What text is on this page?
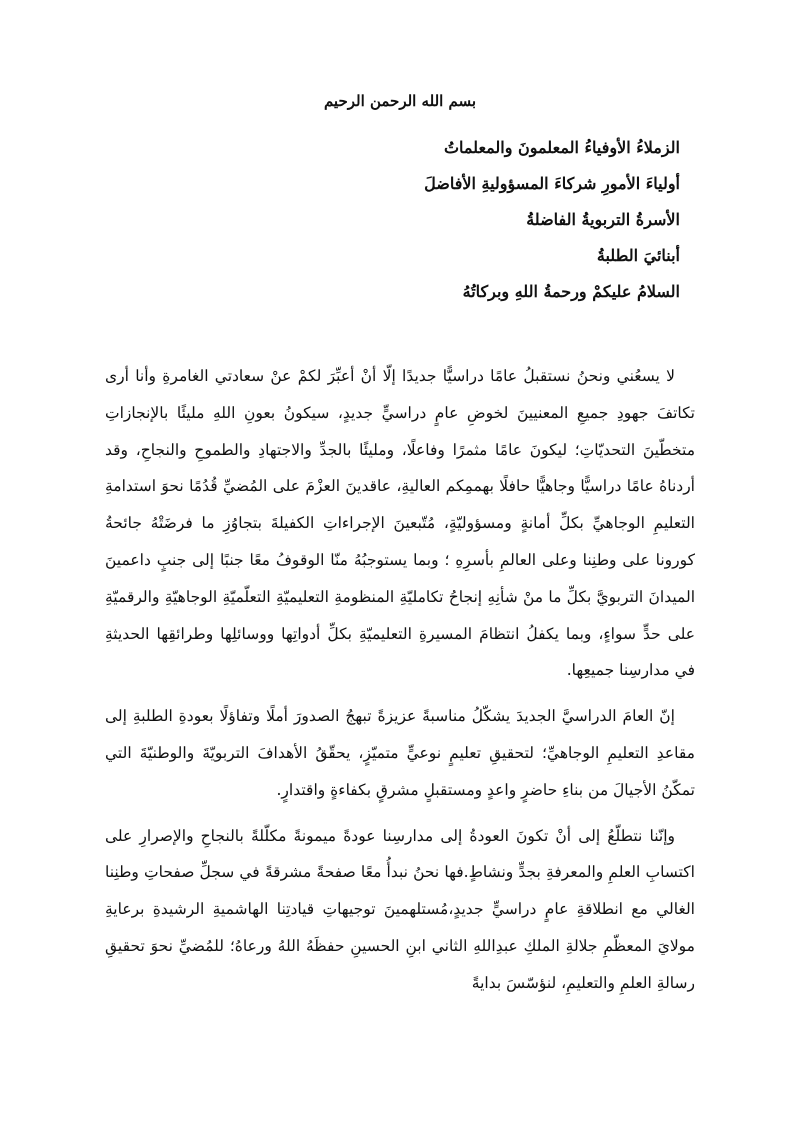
بسم الله الرحمن الرحيم
الزملاءُ الأوفياءُ المعلمونَ والمعلماتُ
أولياءَ الأمورِ شركاءَ المسؤوليةِ الأفاضلَ
الأسرةُ التربويةُ الفاضلةُ
أبنائيَ الطلبةُ
السلامُ عليكمْ ورحمةُ اللهِ وبركاتُهُ

لا يسعُني ونحنُ نستقبلُ عامًا دراسيًّا جديدًا إلّا أنْ أعبِّرَ لكمْ عنْ سعادتي الغامرةِ وأنا أرى تكاتفَ جهودِ جميعِ المعنيينَ لخوضِ عامٍ دراسيٍّ جديدٍ، سيكونُ بعونِ اللهِ مليئًا بالإنجازاتِ متخطّينَ التحديّاتِ؛ ليكونَ عامًا مثمرًا وفاعلًا، ومليئًا بالجدِّ والاجتهادِ والطموحِ والنجاحِ، وقد أردناهُ عامًا دراسيًّا وجاهيًّا حافلًا بهممِكم العاليةِ، عاقدينَ العزْمَ على المُضيِّ قُدُمًا نحوَ استدامةِ التعليمِ الوجاهيِّ بكلِّ أمانةٍ ومسؤوليّةٍ، مُتّبعينَ الإجراءاتِ الكفيلةَ بتجاوُزِ ما فرضَتْهُ جائحةُ كورونا على وطنِنا وعلى العالمِ بأسرِهِ ؛ وبما يستوجبُهُ منّا الوقوفُ معًا جنبًا إلى جنبٍ داعمينَ الميدانَ التربويَّ بكلِّ ما منْ شأنِهِ إنجاحُ تكامليّةِ المنظومةِ التعليميّةِ التعلّميّةِ الوجاهيّةِ والرقميّةِ على حدٍّ سواءٍ، وبما يكفلُ انتظامَ المسيرةِ التعليميّةِ بكلِّ أدواتِها ووسائلِها وطرائقِها الحديثةِ في مدارسِنا جميعِها.

إنّ العامَ الدراسيَّ الجديدَ يشكّلُ مناسبةً عزيزةً تبهجُ الصدورَ أملًا وتفاؤلًا بعودةِ الطلبةِ إلى مقاعدِ التعليمِ الوجاهيِّ؛ لتحقيقِ تعليمٍ نوعيٍّ متميّزٍ، يحقّقُ الأهدافَ التربويّةَ والوطنيّةَ التي تمكّنُ الأجيالَ من بناءِ حاضرٍ واعدٍ ومستقبلٍ مشرقٍ بكفاءةٍ واقتدارٍ.

وإنّنا نتطلّعُ إلى أنْ تكونَ العودةُ إلى مدارسِنا عودةً ميمونةً مكلّلةً بالنجاحِ والإصرارِ على اكتسابِ العلمِ والمعرفةِ بجدٍّ ونشاطٍ.فها نحنُ نبدأُ معًا صفحةً مشرقةً في سجلِّ صفحاتِ وطنِنا الغالي مع انطلاقةِ عامٍ دراسيٍّ جديدٍ،مُستلهمينَ توجيهاتِ قيادتِنا الهاشميةِ الرشيدةِ برعايةِ مولايَ المعظّمِ جلالةِ الملكِ عبدِاللهِ الثاني ابنِ الحسينِ حفظَهُ اللهُ ورعاهُ؛ للمُضيِّ نحوَ تحقيقِ رسالةِ العلمِ والتعليمِ، لنؤسّسَ بدايةً
